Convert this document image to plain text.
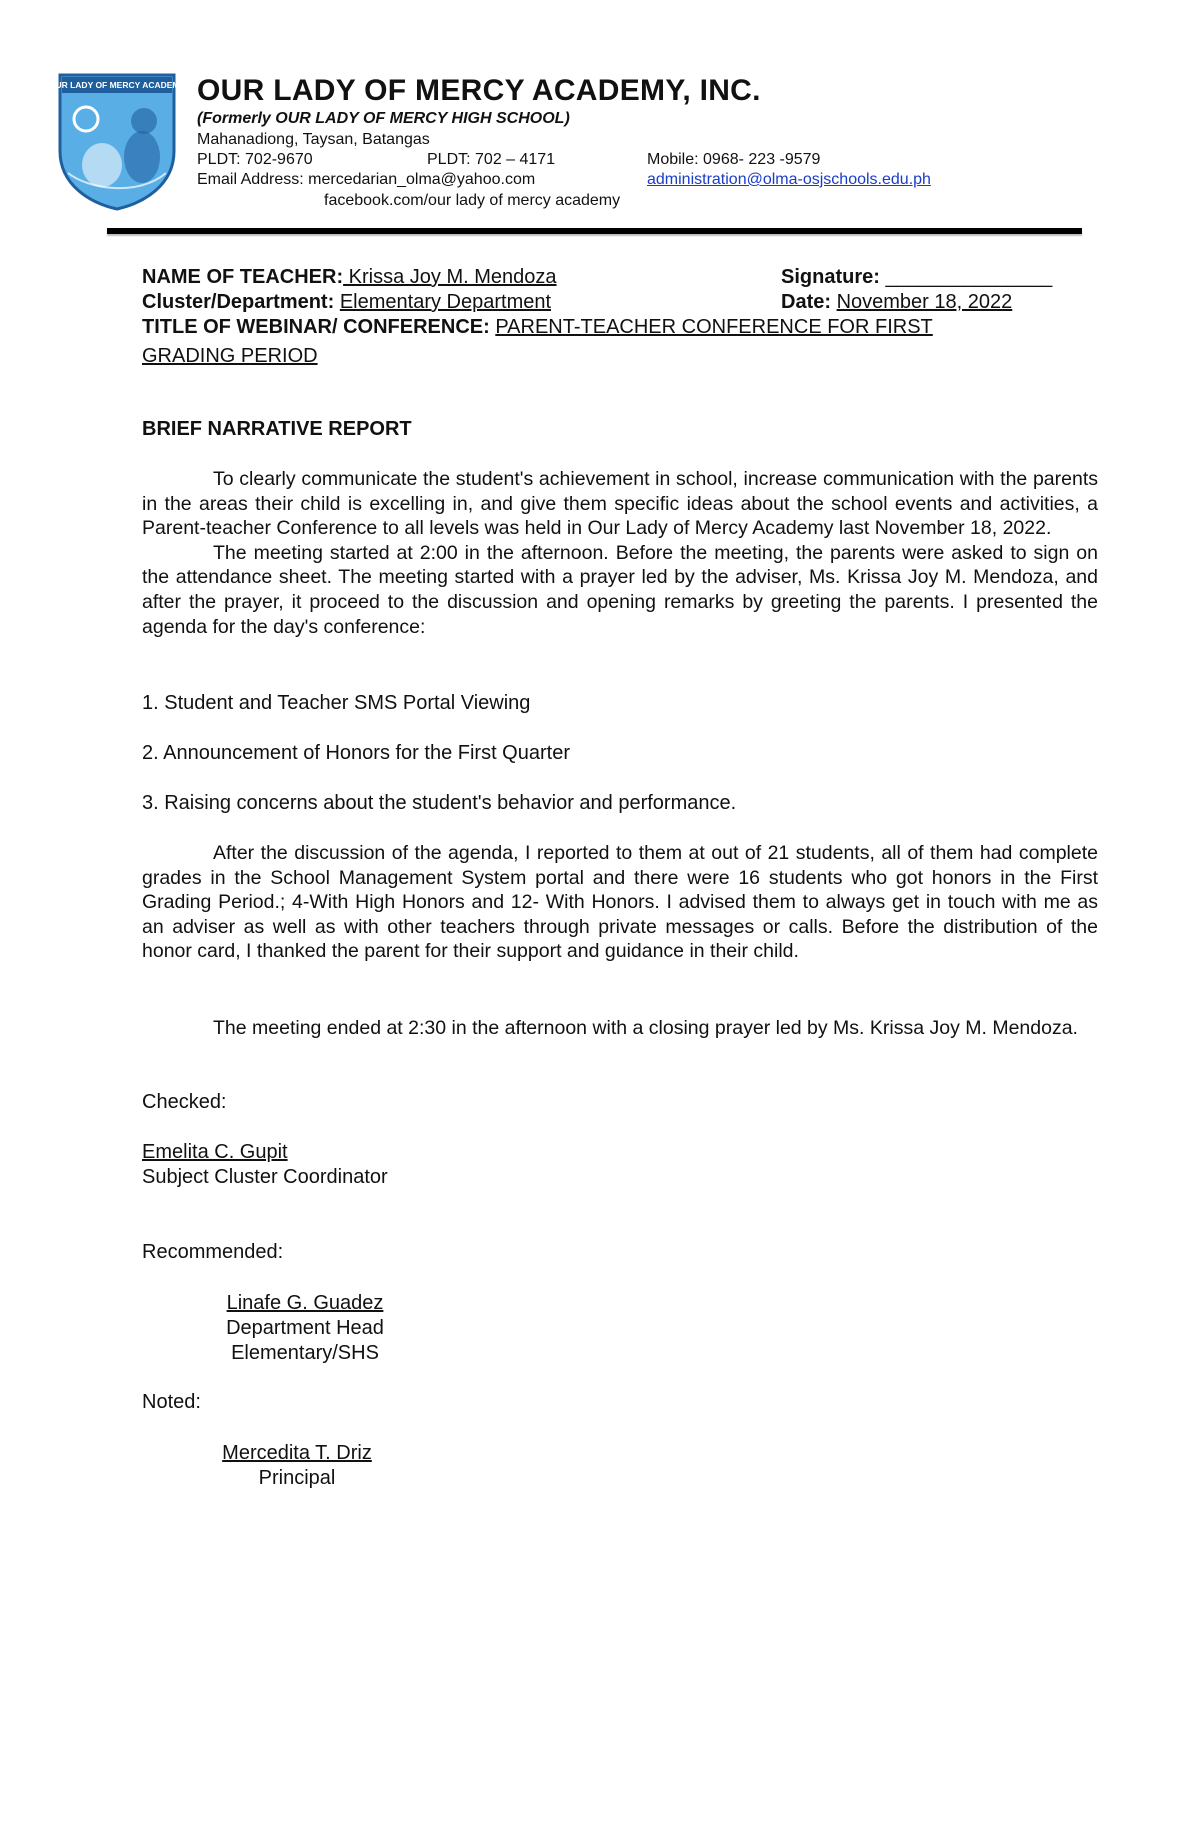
OUR LADY OF MERCY ACADEMY OUR LADY OF MERCY ACADEMY, INC.
(Formerly OUR LADY OF MERCY HIGH SCHOOL)
Mahanadiong, Taysan, Batangas
PLDT: 702-9670	PLDT: 702 – 4171	Mobile: 0968- 223 -9579
Email Address: mercedarian_olma@yahoo.com	administration@olma-osjschools.edu.ph
facebook.com/our lady of mercy academy
NAME OF TEACHER: Krissa Joy M. Mendoza	Signature: _______________
Cluster/Department: Elementary Department	Date: November 18, 2022
TITLE OF WEBINAR/ CONFERENCE: PARENT-TEACHER CONFERENCE FOR FIRST
GRADING PERIOD
BRIEF NARRATIVE REPORT

To clearly communicate the student's achievement in school, increase communication with the parents in the areas their child is excelling in, and give them specific ideas about the school events and activities, a Parent-teacher Conference to all levels was held in Our Lady of Mercy Academy last November 18, 2022.

The meeting started at 2:00 in the afternoon. Before the meeting, the parents were asked to sign on the attendance sheet. The meeting started with a prayer led by the adviser, Ms. Krissa Joy M. Mendoza, and after the prayer, it proceed to the discussion and opening remarks by greeting the parents. I presented the agenda for the day's conference:

1. Student and Teacher SMS Portal Viewing
2. Announcement of Honors for the First Quarter
3. Raising concerns about the student's behavior and performance.

After the discussion of the agenda, I reported to them at out of 21 students, all of them had complete grades in the School Management System portal and there were 16 students who got honors in the First Grading Period.; 4-With High Honors and 12- With Honors. I advised them to always get in touch with me as an adviser as well as with other teachers through private messages or calls. Before the distribution of the honor card, I thanked the parent for their support and guidance in their child.

The meeting ended at 2:30 in the afternoon with a closing prayer led by Ms. Krissa Joy M. Mendoza.

Checked:
Emelita C. Gupit
Subject Cluster Coordinator
Recommended:
Linafe G. Guadez
Department Head
Elementary/SHS
Noted:
Mercedita T. Driz
Principal
